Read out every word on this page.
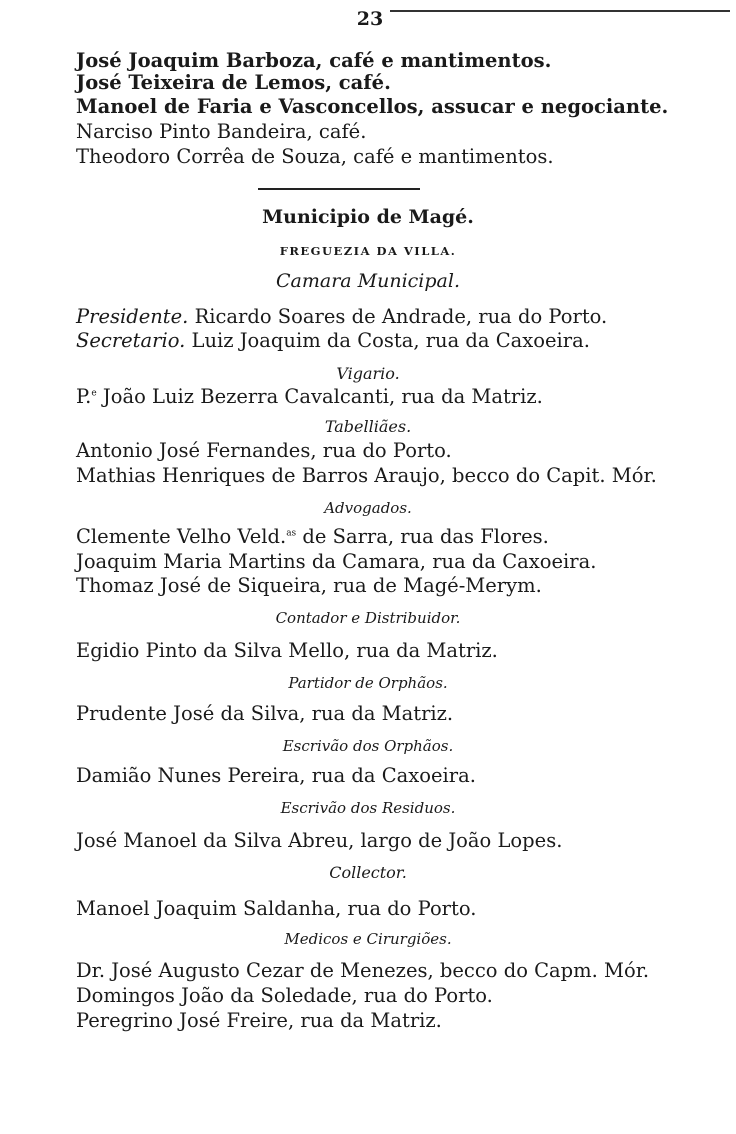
23
José Joaquim Barboza, café e mantimentos.
José Teixeira de Lemos, café.
Manoel de Faria e Vasconcellos, assucar e negociante.
Narciso Pinto Bandeira, café.
Theodoro Corrêa de Souza, café e mantimentos.
Municipio de Magé.
FREGUEZIA DA VILLA.
Camara Municipal.
Presidente. Ricardo Soares de Andrade, rua do Porto.
Secretario. Luiz Joaquim da Costa, rua da Caxoeira.
Vigario.
P.$^e$ João Luiz Bezerra Cavalcanti, rua da Matriz.
Tabelliães.
Antonio José Fernandes, rua do Porto.
Mathias Henriques de Barros Araujo, becco do Capit. Mór.
Advogados.
Clemente Velho Veld.$^{as}$ de Sarra, rua das Flores.
Joaquim Maria Martins da Camara, rua da Caxoeira.
Thomaz José de Siqueira, rua de Magé-Merym.
Contador e Distribuidor.
Egidio Pinto da Silva Mello, rua da Matriz.
Partidor de Orphãos.
Prudente José da Silva, rua da Matriz.
Escrivão dos Orphãos.
Damião Nunes Pereira, rua da Caxoeira.
Escrivão dos Residuos.
José Manoel da Silva Abreu, largo de João Lopes.
Collector.
Manoel Joaquim Saldanha, rua do Porto.
Medicos e Cirurgiões.
Dr. José Augusto Cezar de Menezes, becco do Capm. Mór.
Domingos João da Soledade, rua do Porto.
Peregrino José Freire, rua da Matriz.
